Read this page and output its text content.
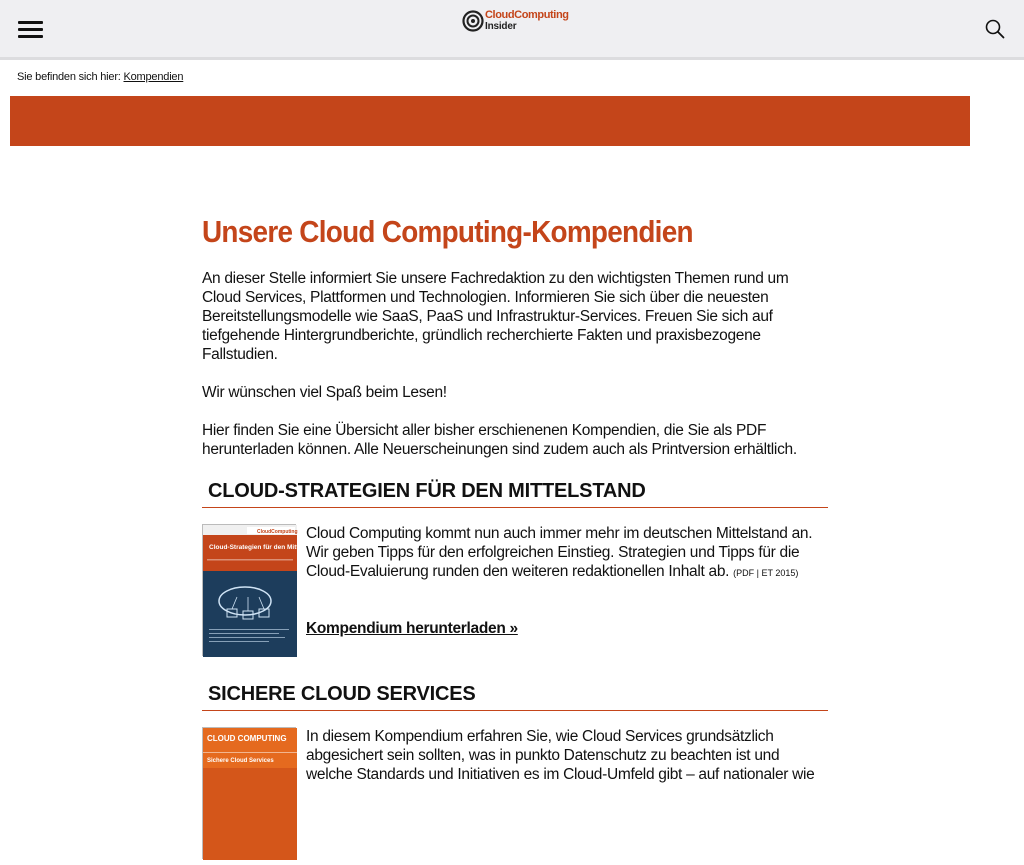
CloudComputing
Insider
Sie befinden sich hier: Kompendien
Unsere Cloud Computing-Kompendien

An dieser Stelle informiert Sie unsere Fachredaktion zu den wichtigsten Themen rund um Cloud Services, Plattformen und Technologien. Informieren Sie sich über die neuesten Bereitstellungsmodelle wie SaaS, PaaS und Infrastruktur-Services. Freuen Sie sich auf tiefgehende Hintergrundberichte, gründlich recherchierte Fakten und praxisbezogene Fallstudien.

Wir wünschen viel Spaß beim Lesen!

Hier finden Sie eine Übersicht aller bisher erschienenen Kompendien, die Sie als PDF herunterladen können. Alle Neuerscheinungen sind zudem auch als Printversion erhältlich.

CLOUD-STRATEGIEN FÜR DEN MITTELSTAND
CloudComputing
Cloud-Strategien für den Mittelstand
Cloud Computing kommt nun auch immer mehr im deutschen Mittelstand an. Wir geben Tipps für den erfolgreichen Einstieg. Strategien und Tipps für die Cloud-Evaluierung runden den weiteren redaktionellen Inhalt ab. (PDF | ET 2015)
Kompendium herunterladen »
SICHERE CLOUD SERVICES
CLOUD COMPUTING
Sichere Cloud Services
In diesem Kompendium erfahren Sie, wie Cloud Services grundsätzlich abgesichert sein sollten, was in punkto Datenschutz zu beachten ist und welche Standards und Initiativen es im Cloud-Umfeld gibt – auf nationaler wie
